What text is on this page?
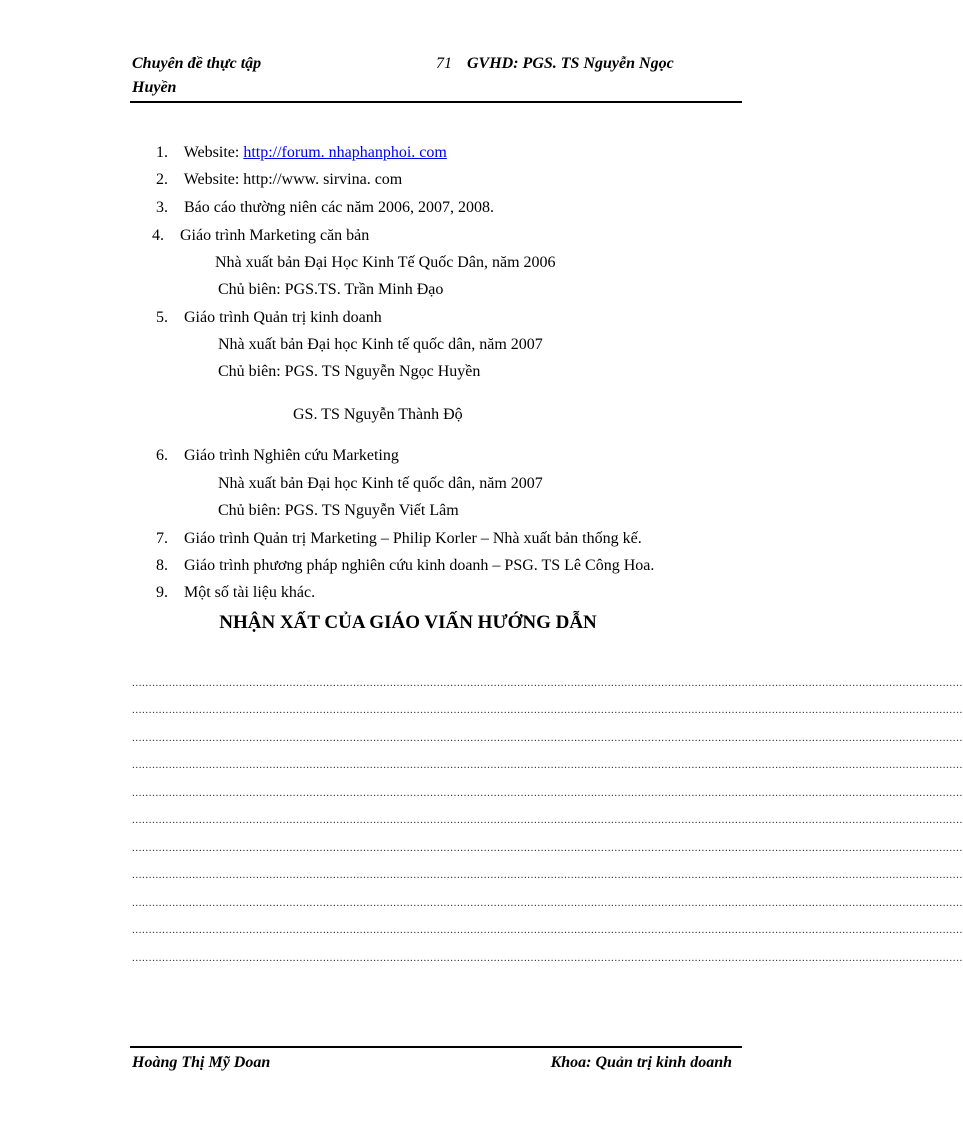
Chuyên đề thực tập Huyền
71 GVHD: PGS. TS Nguyễn Ngọc
1. Website: http://forum. nhaphanphoi. com
2. Website: http://www. sirvina. com
3. Báo cáo thường niên các năm 2006, 2007, 2008.
4. Giáo trình Marketing căn bản
Nhà xuất bản Đại Học Kinh Tế Quốc Dân, năm 2006
Chủ biên: PGS.TS. Trần Minh Đạo
5. Giáo trình Quản trị kinh doanh
Nhà xuất bản Đại học Kinh tế quốc dân, năm 2007
Chủ biên: PGS. TS Nguyễn Ngọc Huyền
GS. TS Nguyễn Thành Độ
6. Giáo trình Nghiên cứu Marketing
Nhà xuất bản Đại học Kinh tế quốc dân, năm 2007
Chủ biên: PGS. TS Nguyễn Viết Lâm
7. Giáo trình Quản trị Marketing – Philip Korler – Nhà xuất bản thống kế.
8. Giáo trình phương pháp nghiên cứu kinh doanh – PSG. TS Lê Công Hoa.
9. Một số tài liệu khác.
NHẬN XẤT CỦA GIÁO VIẤN HƯỚNG DẪN
........................................................................................................................................................................................................................................................
........................................................................................................................................................................................................................................................
........................................................................................................................................................................................................................................................
........................................................................................................................................................................................................................................................
........................................................................................................................................................................................................................................................
........................................................................................................................................................................................................................................................
........................................................................................................................................................................................................................................................
........................................................................................................................................................................................................................................................
........................................................................................................................................................................................................................................................
........................................................................................................................................................................................................................................................
........................................................................................................................................................................................................................................................
Hoàng Thị Mỹ Doan	Khoa: Quản trị kinh doanh
